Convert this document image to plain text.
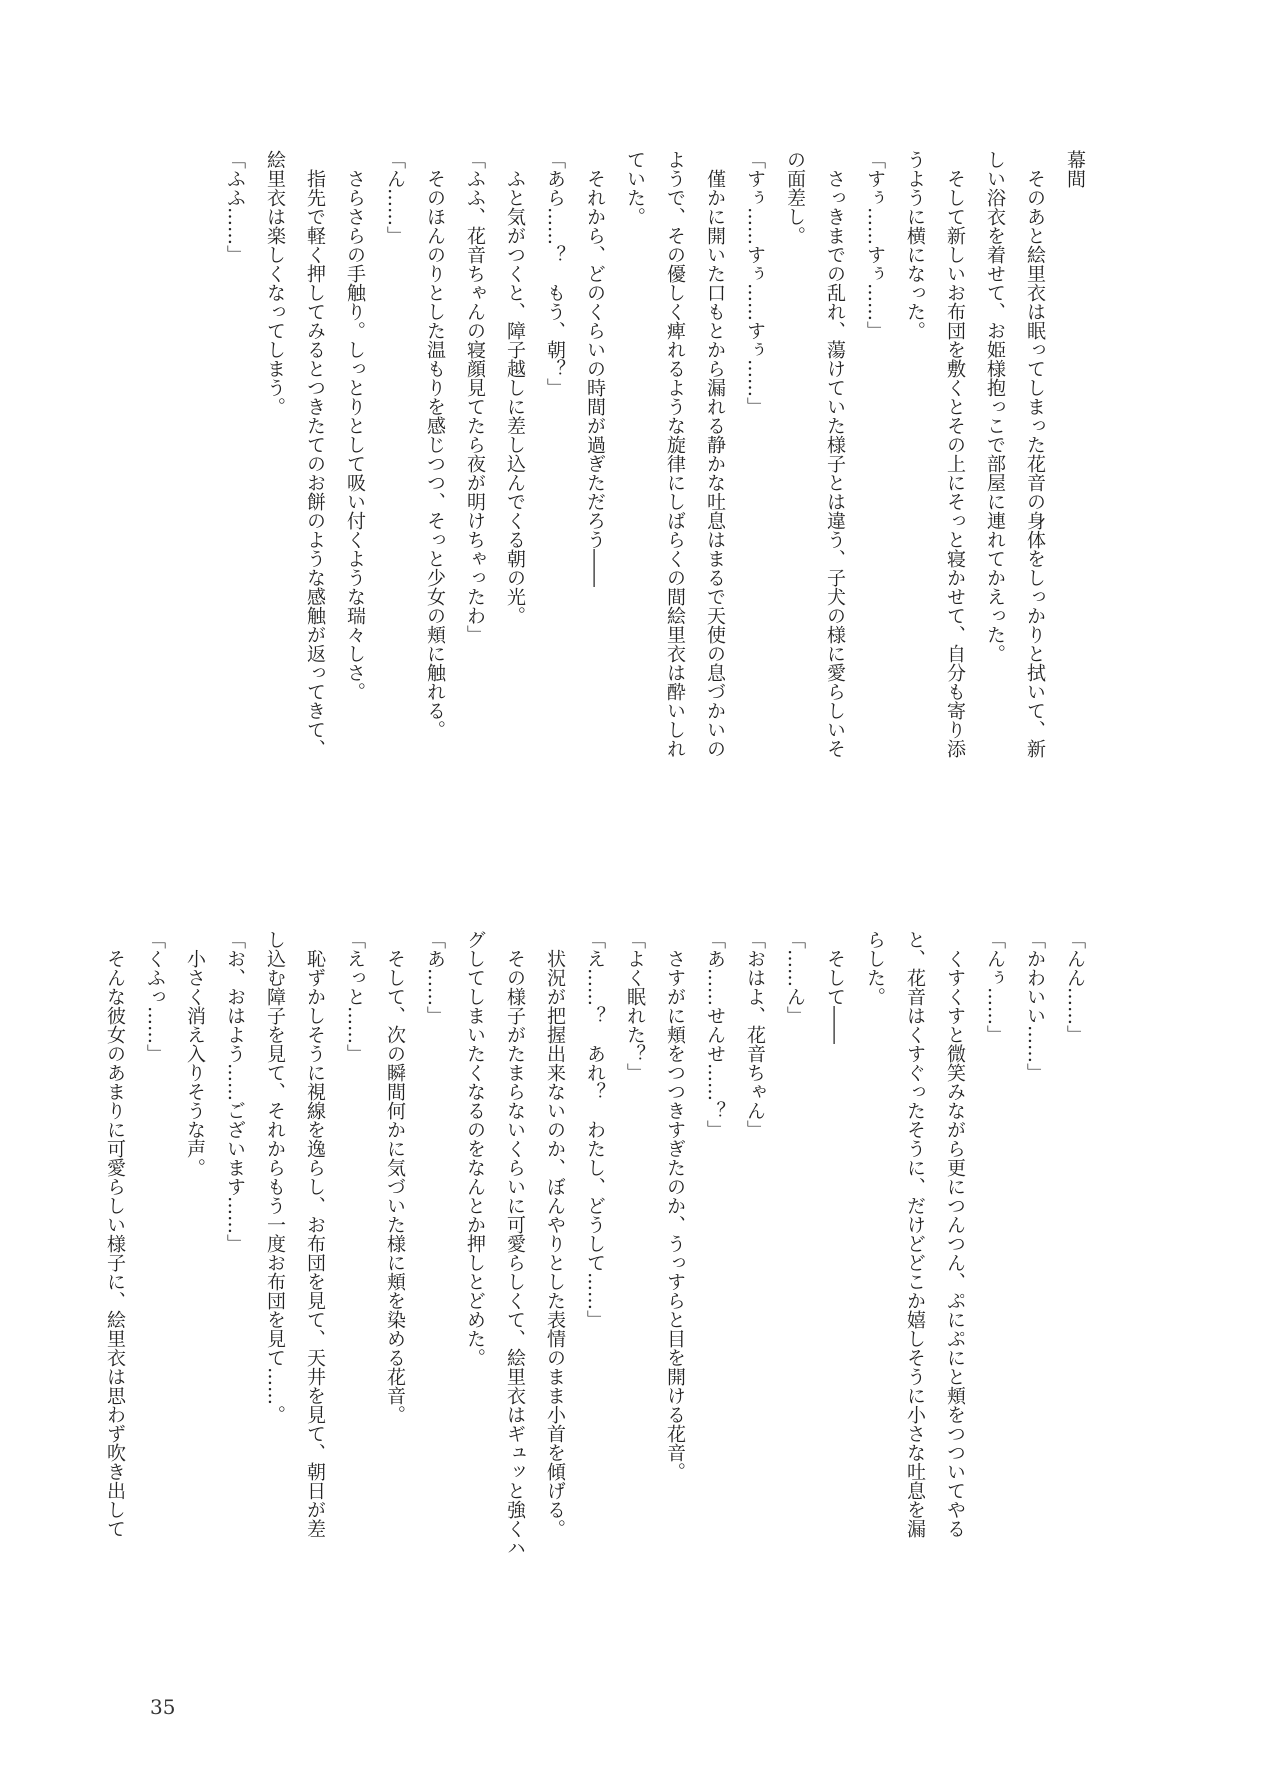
幕間

　そのあと絵里衣は眠ってしまった花音の身体をしっかりと拭いて、新

しい浴衣を着せて、お姫様抱っこで部屋に連れてかえった。

　そして新しいお布団を敷くとその上にそっと寝かせて、自分も寄り添

うように横になった。

「すぅ……すぅ……」

　さっきまでの乱れ、蕩けていた様子とは違う、子犬の様に愛らしいそ

の面差し。

「すぅ……すぅ……すぅ……」

　僅かに開いた口もとから漏れる静かな吐息はまるで天使の息づかいの

ようで、その優しく痺れるような旋律にしばらくの間絵里衣は酔いしれ

ていた。

　それから、どのくらいの時間が過ぎただろう――

「あら……？　もう、朝？」

　ふと気がつくと、障子越しに差し込んでくる朝の光。

「ふふ、花音ちゃんの寝顔見てたら夜が明けちゃったわ」

　そのほんのりとした温もりを感じつつ、そっと少女の頬に触れる。

「ん……」

　さらさらの手触り。しっとりとして吸い付くような瑞々しさ。

　指先で軽く押してみるとつきたてのお餅のような感触が返ってきて、

絵里衣は楽しくなってしまう。

「ふふ……」

「んん……」

「かわいい……」

「んぅ……」

　くすくすと微笑みながら更につんつん、ぷにぷにと頬をつついてやる

と、花音はくすぐったそうに、だけどどこか嬉しそうに小さな吐息を漏

らした。

　そして――

「……ん」

「おはよ、花音ちゃん」

「あ……せんせ……？」

　さすがに頬をつつきすぎたのか、うっすらと目を開ける花音。

「よく眠れた？」

「え……？　あれ？　わたし、どうして……」

　状況が把握出来ないのか、ぼんやりとした表情のまま小首を傾げる。

　その様子がたまらないくらいに可愛らしくて、絵里衣はギュッと強くハ

グしてしまいたくなるのをなんとか押しとどめた。

「あ……」

　そして、次の瞬間何かに気づいた様に頬を染める花音。

「えっと……」

　恥ずかしそうに視線を逸らし、お布団を見て、天井を見て、朝日が差

し込む障子を見て、それからもう一度お布団を見て……。

「お、おはよう……ございます……」

　小さく消え入りそうな声。

「くふっ……」

　そんな彼女のあまりに可愛らしい様子に、絵里衣は思わず吹き出して

35
